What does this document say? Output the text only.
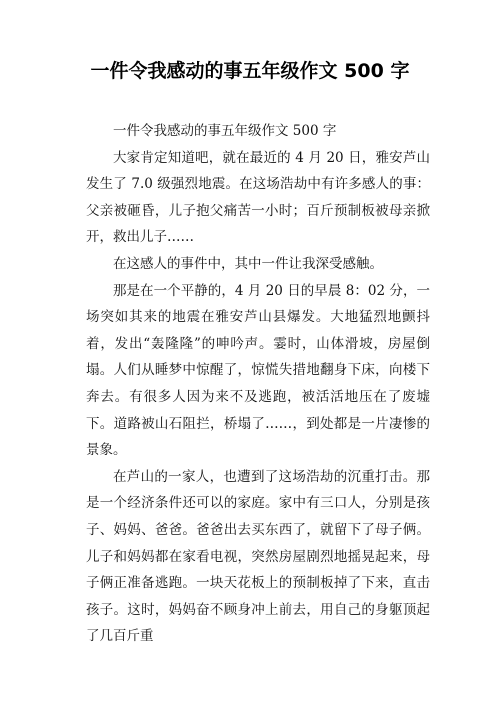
一件令我感动的事五年级作文 500 字

一件令我感动的事五年级作文 500 字

大家肯定知道吧，就在最近的 4 月 20 日，雅安芦山发生了 7.0 级强烈地震。在这场浩劫中有许多感人的事：父亲被砸昏，儿子抱父痛苦一小时；百斤预制板被母亲掀开，救出儿子……

在这感人的事件中，其中一件让我深受感触。

那是在一个平静的，4 月 20 日的早晨 8：02 分，一场突如其来的地震在雅安芦山县爆发。大地猛烈地颤抖着，发出“轰隆隆”的呻吟声。霎时，山体滑坡，房屋倒塌。人们从睡梦中惊醒了，惊慌失措地翻身下床，向楼下奔去。有很多人因为来不及逃跑，被活活地压在了废墟下。道路被山石阻拦，桥塌了……，到处都是一片凄惨的景象。

在芦山的一家人，也遭到了这场浩劫的沉重打击。那是一个经济条件还可以的家庭。家中有三口人，分别是孩子、妈妈、爸爸。爸爸出去买东西了，就留下了母子俩。儿子和妈妈都在家看电视，突然房屋剧烈地摇晃起来，母子俩正准备逃跑。一块天花板上的预制板掉了下来，直击孩子。这时，妈妈奋不顾身冲上前去，用自己的身躯顶起了几百斤重
